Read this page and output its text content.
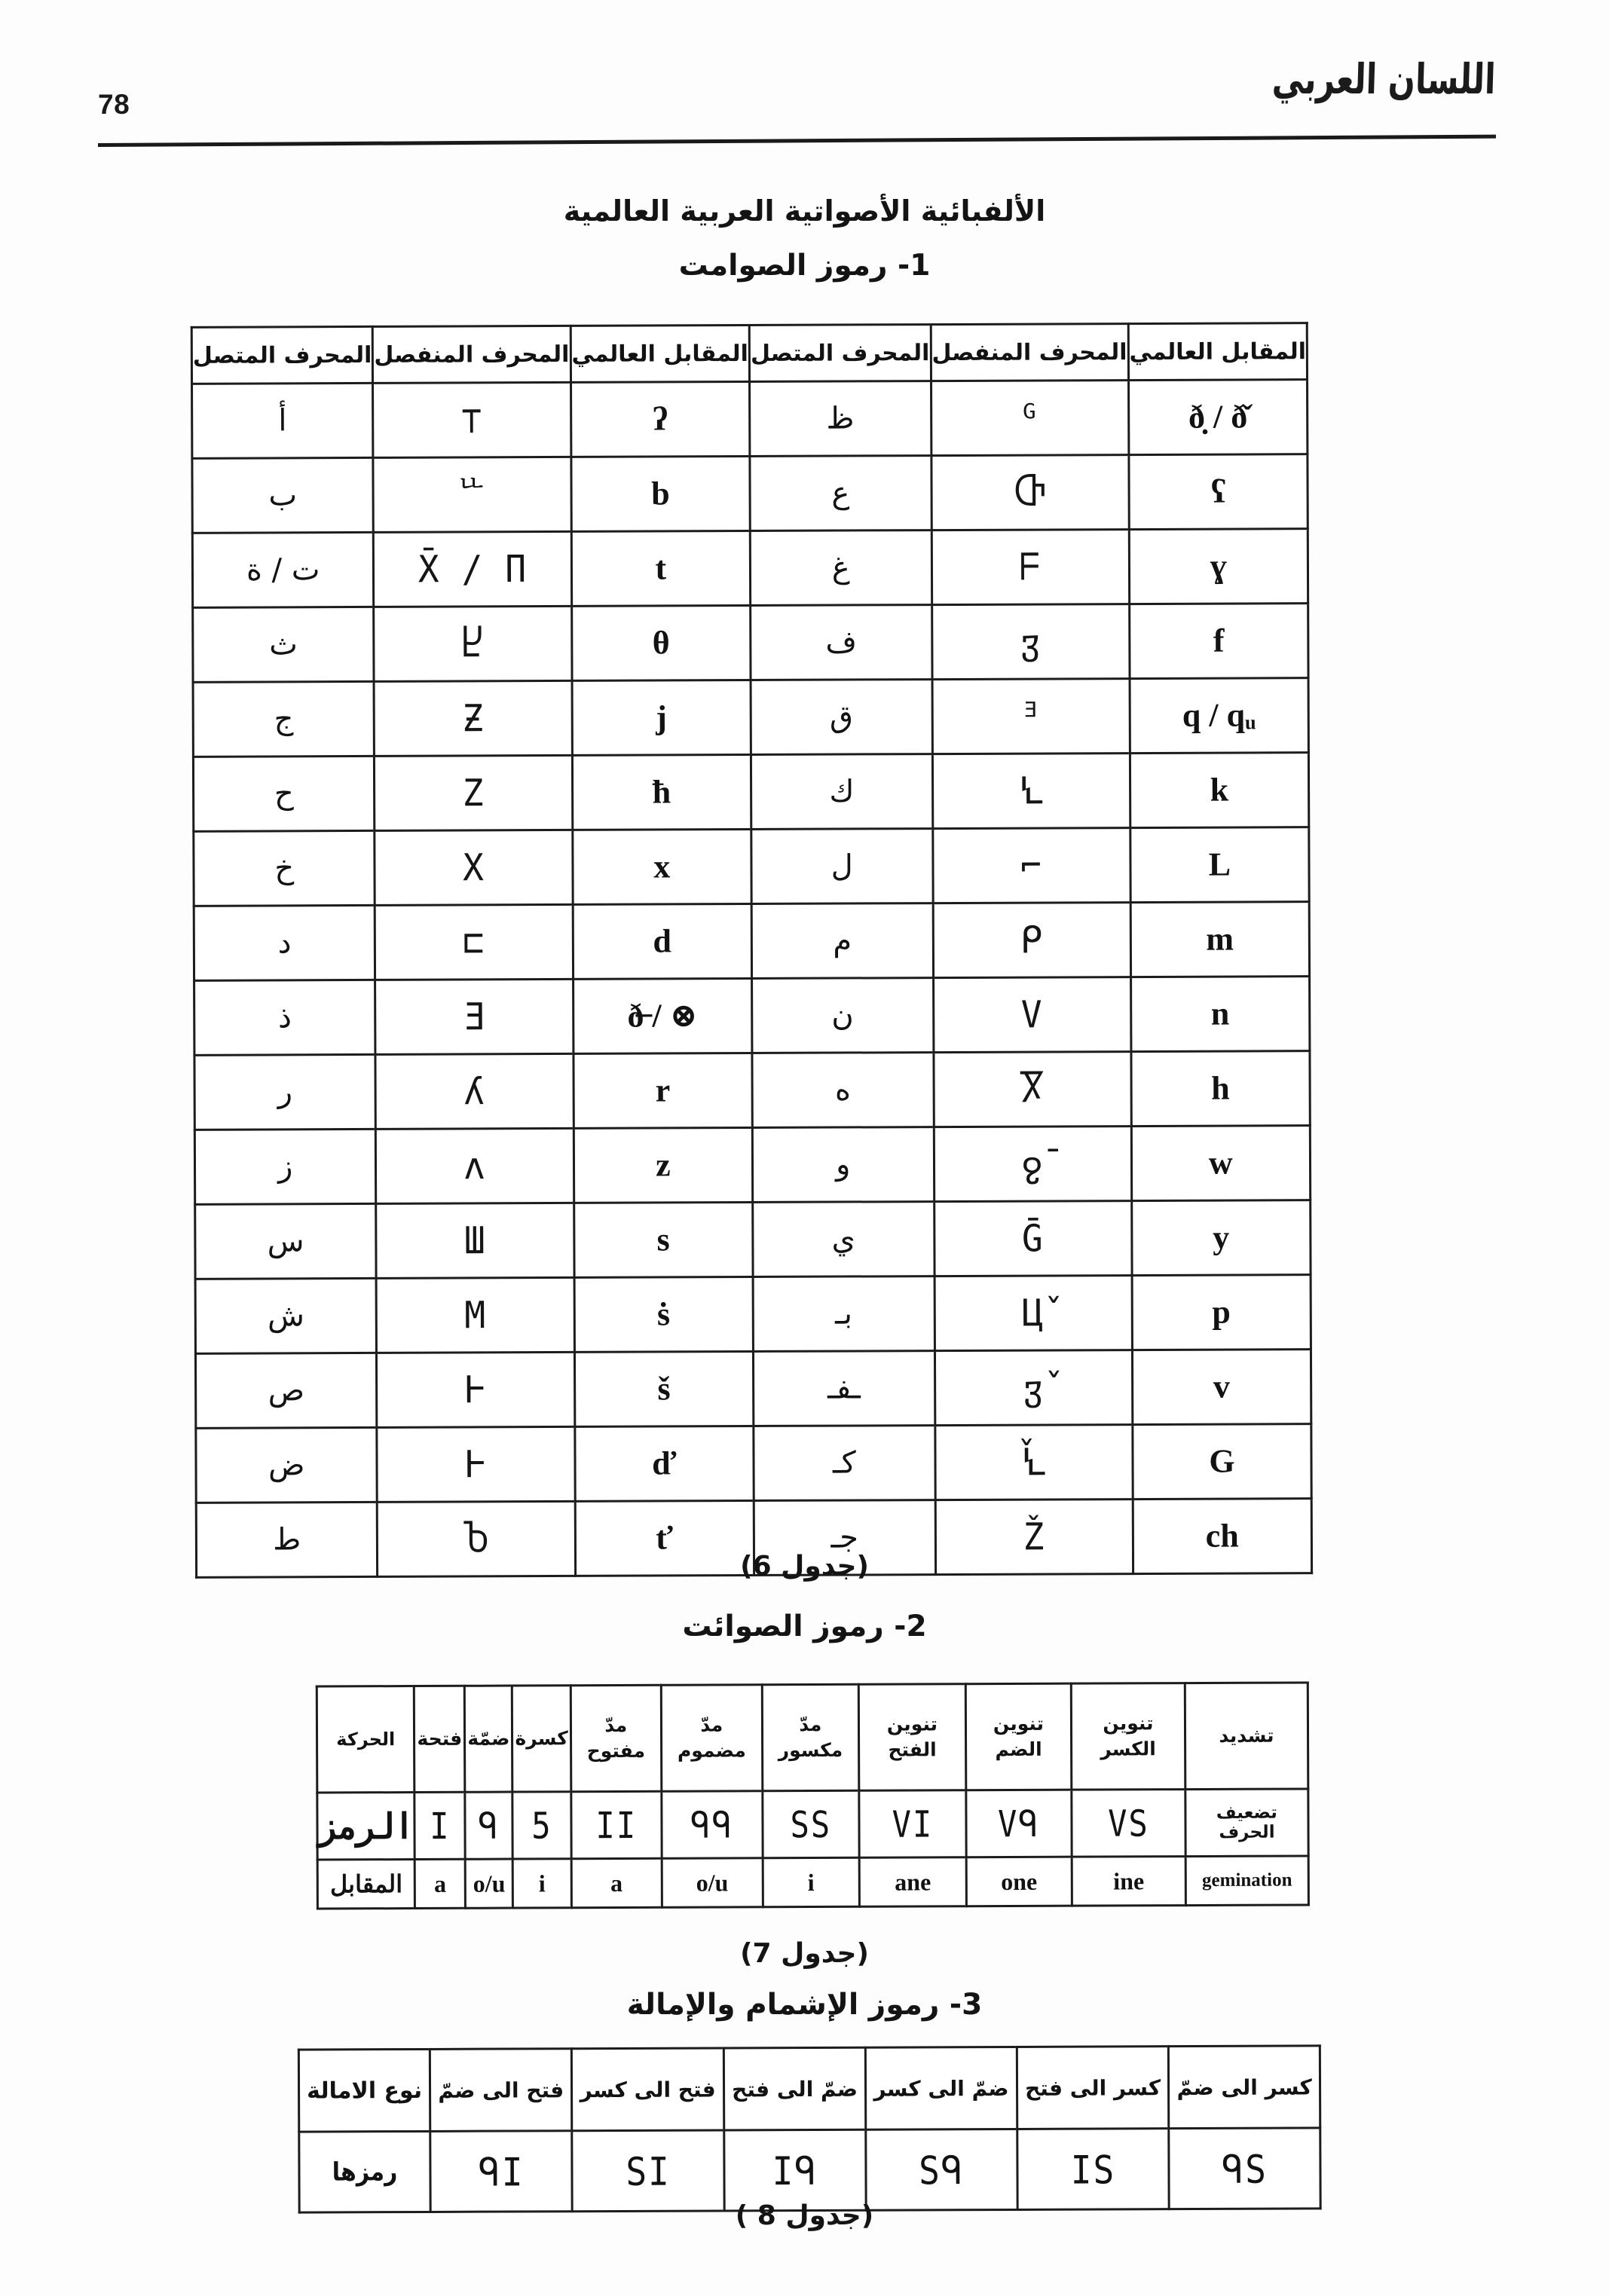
78
اللسان العربي
الألفبائية الأصواتية العربية العالمية
1- رموز الصوامت
المقابل العالمي	المحرف المنفصل	المحرف المتصل	المقابل العالمي	المحرف المنفصل	المحرف المتصل
ð̣ / ð̌	ᴳ	ظ	ʔ	⊤	أ
ʕ	Ⴇ	ع	b	ᄔ	ب
ɣ	ᖴ	غ	t	X̄ / Π	ت / ة
f	ჳ	ف	θ	Ⴞ	ث
q / qᵤ	ᴲ	ق	j	Ƶ	ج
k	Ꝇ	ك	ħ	Z	ح
L	⌐	ل	x	X	خ
m	ᑭ	م	d	⊐	د
n	V	ن	ð̶ / ⊗	Ǝ	ذ
h	Ⴟ	ه	r	ʎ	ر
w	ჹ̄	و	z	ʌ	ز
y	Ḡ	ي	s	Ш	س
p	Ц̌	بـ	ṡ	M	ش
v	ჳ̌	ـفـ	š	Ⱶ	ص
G	Ꝇ̌	كـ	ď	Ⱶ	ض
ch	Ž	جـ	ť	Ⴆ	ط
(جدول 6)
2- رموز الصوائت
تشديد	تنوين الكسر	تنوين الضم	تنوين الفتح	مدّ مكسور	مدّ مضموم	مدّ مفتوح	كسرة	ضمّة	فتحة	الحركة
تضعيف الحرف	VS	Vᑫ	VΙ	SS	ᑫᑫ	ΙΙ	5	ᑫ	Ι	الرمز
gemination	ine	one	ane	i	o/u	a	i	o/u	a	المقابل
(جدول 7)
3- رموز الإشمام والإمالة
كسر الى ضمّ	كسر الى فتح	ضمّ الى كسر	ضمّ الى فتح	فتح الى كسر	فتح الى ضمّ	نوع الامالة
ᑫS	ΙS	Sᑫ	Ιᑫ	SΙ	ᑫΙ	رمزها
(جدول 8 )
